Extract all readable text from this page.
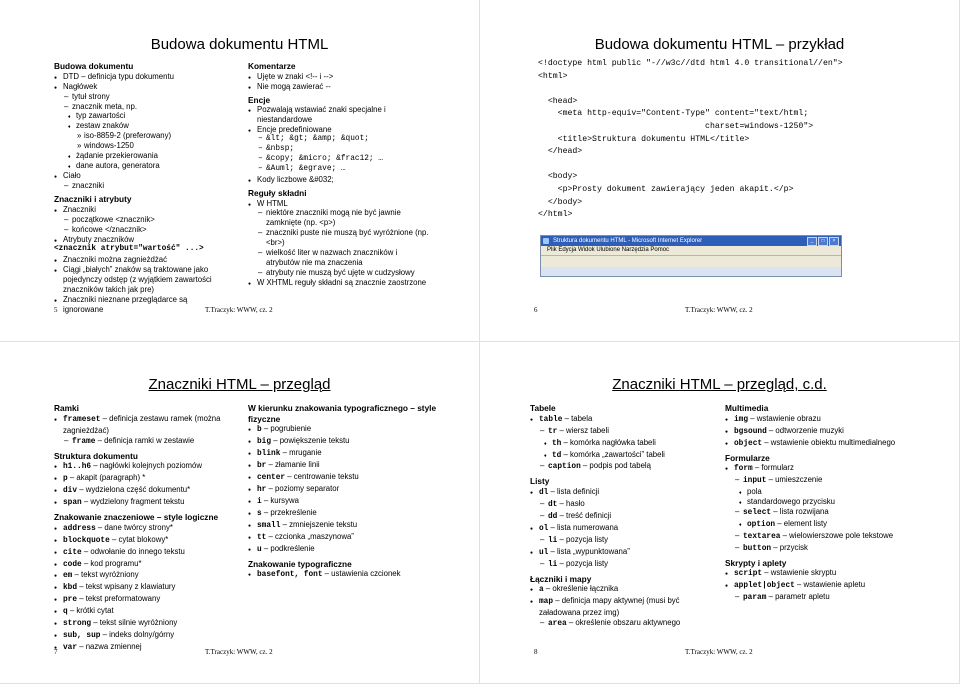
Budowa dokumentu HTML
Budowa dokumentu
● DTD – definicja typu dokumentu
● Nagłówek
– tytuł strony
– znacznik meta, np.
♦ typ zawartości
♦ zestaw znaków
» iso-8859-2 (preferowany)
» windows-1250
♦ żądanie przekierowania
♦ dane autora, generatora
● Ciało
– znaczniki
Znaczniki i atrybuty
● Znaczniki
– początkowe <znacznik>
– końcowe </znacznik>
● Atrybuty znaczników
<znacznik atrybut="wartość" ...>
● Znaczniki można zagnieżdżać
● Ciągi „białych” znaków są traktowane jako pojedynczy odstęp (z wyjątkiem zawartości znaczników takich jak pre)
● Znaczniki nieznane przeglądarce są ignorowane
Komentarze
● Ujęte w znaki <!-- i -->
● Nie mogą zawierać --
Encje
● Pozwalają wstawiać znaki specjalne i niestandardowe
● Encje predefiniowane
– &lt; &gt; &amp; &quot;
– &nbsp;
– &copy; &micro; &frac12; …
– &Auml; &egrave; …
● Kody liczbowe &#032;
Reguły składni
● W HTML
– niektóre znaczniki mogą nie być jawnie zamknięte (np. <p>)
– znaczniki puste nie muszą być wyróżnione (np. <br>)
– wielkość liter w nazwach znaczników i atrybutów nie ma znaczenia
– atrybuty nie muszą być ujęte w cudzysłowy
● W XHTML reguły składni są znacznie zaostrzone
5	T.Traczyk: WWW, cz. 2
Budowa dokumentu HTML – przykład
<!doctype html public "-//w3c//dtd html 4.0 transitional//en">
<html>
<head>
<meta http-equiv="Content-Type" content="text/html;
charset=windows-1250">
<title>Struktura dokumentu HTML</title>
</head>
<body>
<p>Prosty dokument zawierający jeden akapit.</p>
</body>
</html>
6	T.Traczyk: WWW, cz. 2
Struktura dokumentu HTML - Microsoft Internet Explorer	_	□	×
Plik Edycja Widok Ulubione Narzędzia Pomoc
Znaczniki HTML – przegląd
Ramki
● frameset – definicja zestawu ramek (można zagnieżdżać)
– frame – definicja ramki w zestawie
Struktura dokumentu
● h1..h6 – nagłówki kolejnych poziomów
● p – akapit (paragraph) *
● div – wydzielona część dokumentu*
● span – wydzielony fragment tekstu
Znakowanie znaczeniowe – style logiczne
● address – dane twórcy strony*
● blockquote – cytat blokowy*
● cite – odwołanie do innego tekstu
● code – kod programu*
● em – tekst wyróżniony
● kbd – tekst wpisany z klawiatury
● pre – tekst preformatowany
● q – krótki cytat
● strong – tekst silnie wyróżniony
● sub, sup – indeks dolny/górny
● var – nazwa zmiennej
W kierunku znakowania typograficznego – style fizyczne
● b – pogrubienie
● big – powiększenie tekstu
● blink – mruganie
● br – złamanie linii
● center – centrowanie tekstu
● hr – poziomy separator
● i – kursywa
● s – przekreślenie
● small – zmniejszenie tekstu
● tt – czcionka „maszynowa”
● u – podkreślenie
Znakowanie typograficzne
● basefont, font – ustawienia czcionek
7	T.Traczyk: WWW, cz. 2
Znaczniki HTML – przegląd, c.d.
Tabele
● table – tabela
– tr – wiersz tabeli
♦ th – komórka nagłówka tabeli
♦ td – komórka „zawartości” tabeli
– caption – podpis pod tabelą
Listy
● dl – lista definicji
– dt – hasło
– dd – treść definicji
● ol – lista numerowana
– li – pozycja listy
● ul – lista „wypunktowana”
– li – pozycja listy
Łączniki i mapy
● a – określenie łącznika
● map – definicja mapy aktywnej (musi być załadowana przez img)
– area – określenie obszaru aktywnego
Multimedia
● img – wstawienie obrazu
● bgsound – odtworzenie muzyki
● object – wstawienie obiektu multimedialnego
Formularze
● form – formularz
– input – umieszczenie
♦ pola
♦ standardowego przycisku
– select – lista rozwijana
♦ option – element listy
– textarea – wielowierszowe pole tekstowe
– button – przycisk
Skrypty i aplety
● script – wstawienie skryptu
● applet|object – wstawienie apletu
– param – parametr apletu
8	T.Traczyk: WWW, cz. 2
